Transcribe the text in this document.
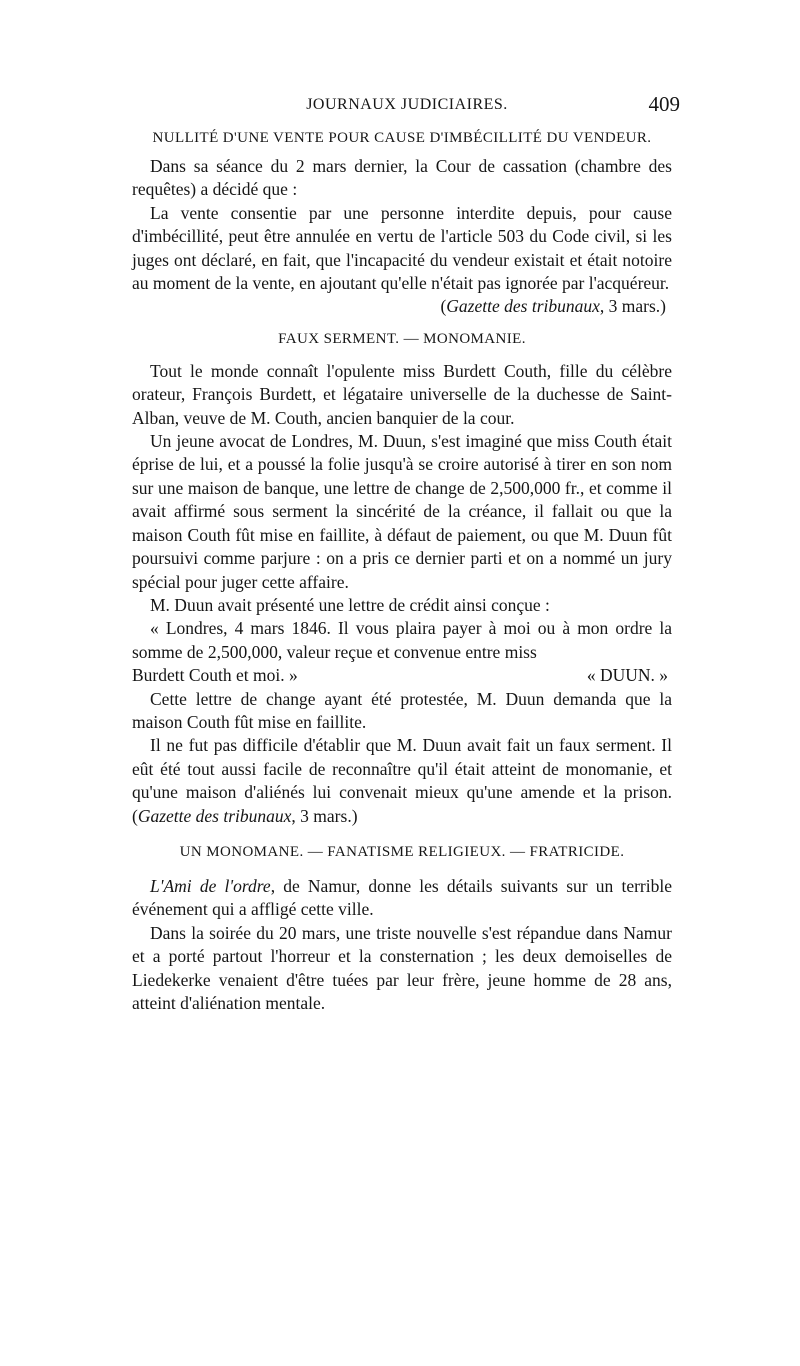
JOURNAUX JUDICIAIRES.	409
NULLITÉ D'UNE VENTE POUR CAUSE D'IMBÉCILLITÉ DU VENDEUR.

Dans sa séance du 2 mars dernier, la Cour de cassation (chambre des requêtes) a décidé que :

La vente consentie par une personne interdite depuis, pour cause d'imbécillité, peut être annulée en vertu de l'article 503 du Code civil, si les juges ont déclaré, en fait, que l'incapacité du vendeur existait et était notoire au moment de la vente, en ajoutant qu'elle n'était pas ignorée par l'acquéreur.

(Gazette des tribunaux, 3 mars.)

FAUX SERMENT. — MONOMANIE.

Tout le monde connaît l'opulente miss Burdett Couth, fille du célèbre orateur, François Burdett, et légataire universelle de la duchesse de Saint-Alban, veuve de M. Couth, ancien banquier de la cour.

Un jeune avocat de Londres, M. Duun, s'est imaginé que miss Couth était éprise de lui, et a poussé la folie jusqu'à se croire autorisé à tirer en son nom sur une maison de banque, une lettre de change de 2,500,000 fr., et comme il avait affirmé sous serment la sincérité de la créance, il fallait ou que la maison Couth fût mise en faillite, à défaut de paiement, ou que M. Duun fût poursuivi comme parjure : on a pris ce dernier parti et on a nommé un jury spécial pour juger cette affaire.

M. Duun avait présenté une lettre de crédit ainsi conçue :

« Londres, 4 mars 1846. Il vous plaira payer à moi ou à mon ordre la somme de 2,500,000, valeur reçue et convenue entre miss

Burdett Couth et moi. »	« DUUN. »

Cette lettre de change ayant été protestée, M. Duun demanda que la maison Couth fût mise en faillite.

Il ne fut pas difficile d'établir que M. Duun avait fait un faux serment. Il eût été tout aussi facile de reconnaître qu'il était atteint de monomanie, et qu'une maison d'aliénés lui convenait mieux qu'une amende et la prison. (Gazette des tribunaux, 3 mars.)

UN MONOMANE. — FANATISME RELIGIEUX. — FRATRICIDE.

L'Ami de l'ordre, de Namur, donne les détails suivants sur un terrible événement qui a affligé cette ville.

Dans la soirée du 20 mars, une triste nouvelle s'est répandue dans Namur et a porté partout l'horreur et la consternation ; les deux demoiselles de Liedekerke venaient d'être tuées par leur frère, jeune homme de 28 ans, atteint d'aliénation mentale.
